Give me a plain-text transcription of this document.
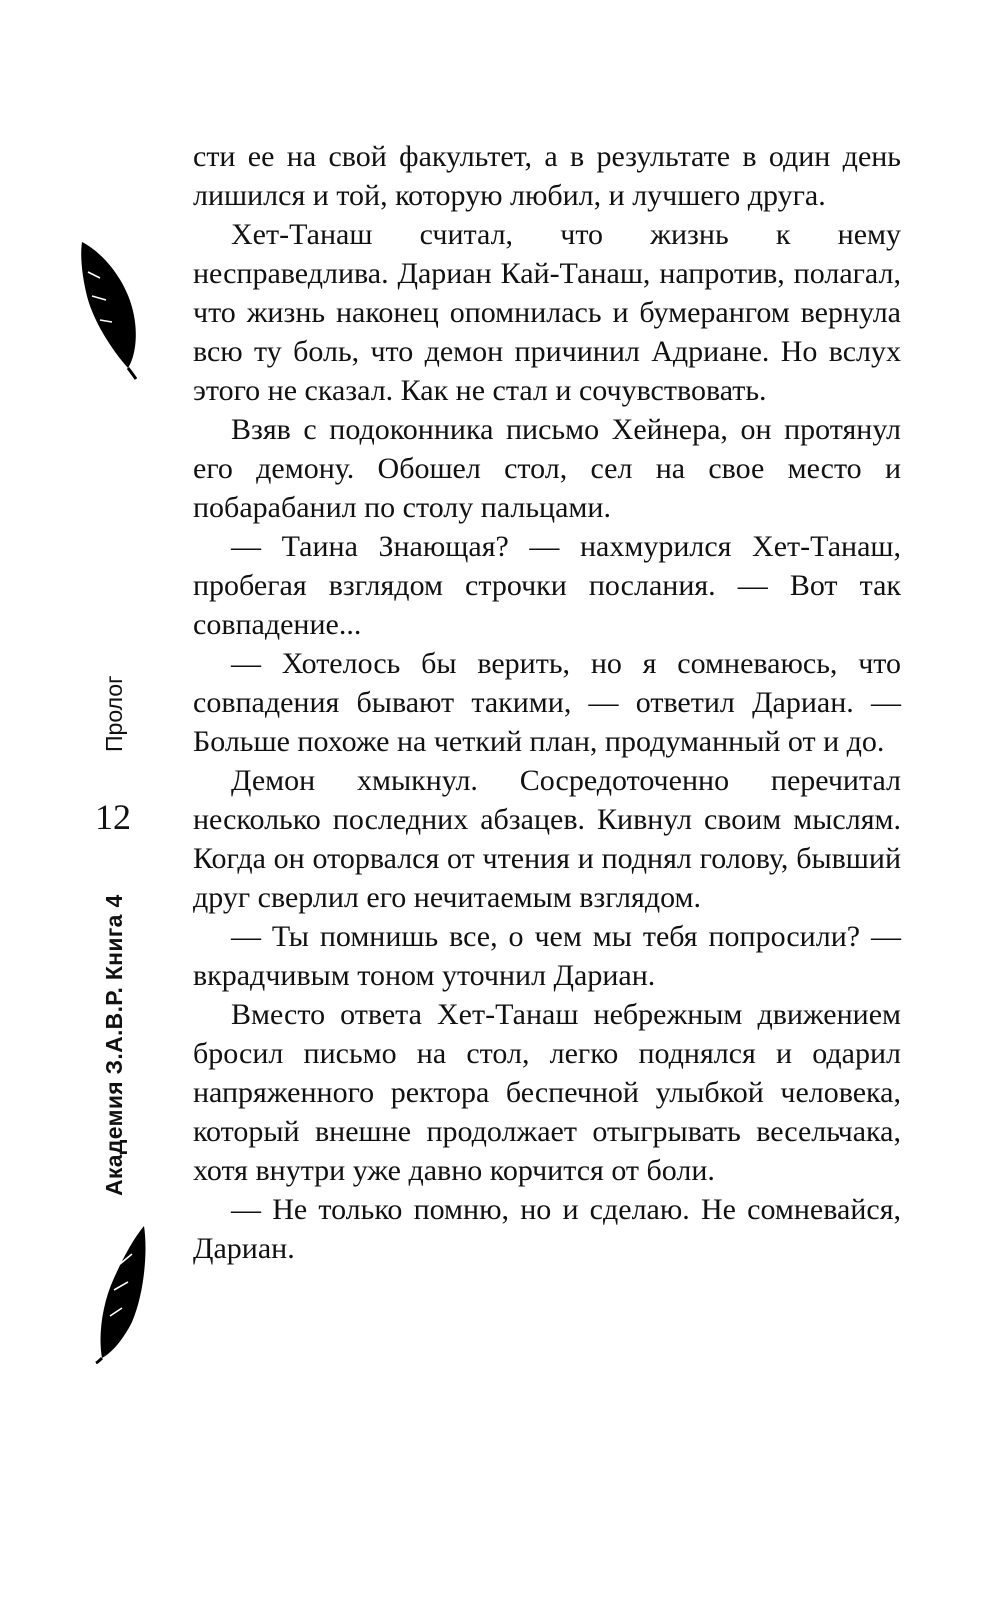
Пролог
12
Академия З.А.В.Р. Книга 4

сти ее на свой факультет, а в результате в один день лишился и той, которую любил, и лучшего друга.

Хет-Танаш считал, что жизнь к нему несправедлива. Дариан Кай-Танаш, напротив, полагал, что жизнь наконец опомнилась и бумерангом вернула всю ту боль, что демон причинил Адриане. Но вслух этого не сказал. Как не стал и сочувствовать.

Взяв с подоконника письмо Хейнера, он протянул его демону. Обошел стол, сел на свое место и побарабанил по столу пальцами.

— Таина Знающая? — нахмурился Хет-Танаш, пробегая взглядом строчки послания. — Вот так совпадение...

— Хотелось бы верить, но я сомневаюсь, что совпадения бывают такими, — ответил Дариан. — Больше похоже на четкий план, продуманный от и до.

Демон хмыкнул. Сосредоточенно перечитал несколько последних абзацев. Кивнул своим мыслям. Когда он оторвался от чтения и поднял голову, бывший друг сверлил его нечитаемым взглядом.

— Ты помнишь все, о чем мы тебя попросили? — вкрадчивым тоном уточнил Дариан.

Вместо ответа Хет-Танаш небрежным движением бросил письмо на стол, легко поднялся и одарил напряженного ректора беспечной улыбкой человека, который внешне продолжает отыгрывать весельчака, хотя внутри уже давно корчится от боли.

— Не только помню, но и сделаю. Не сомневайся, Дариан.
